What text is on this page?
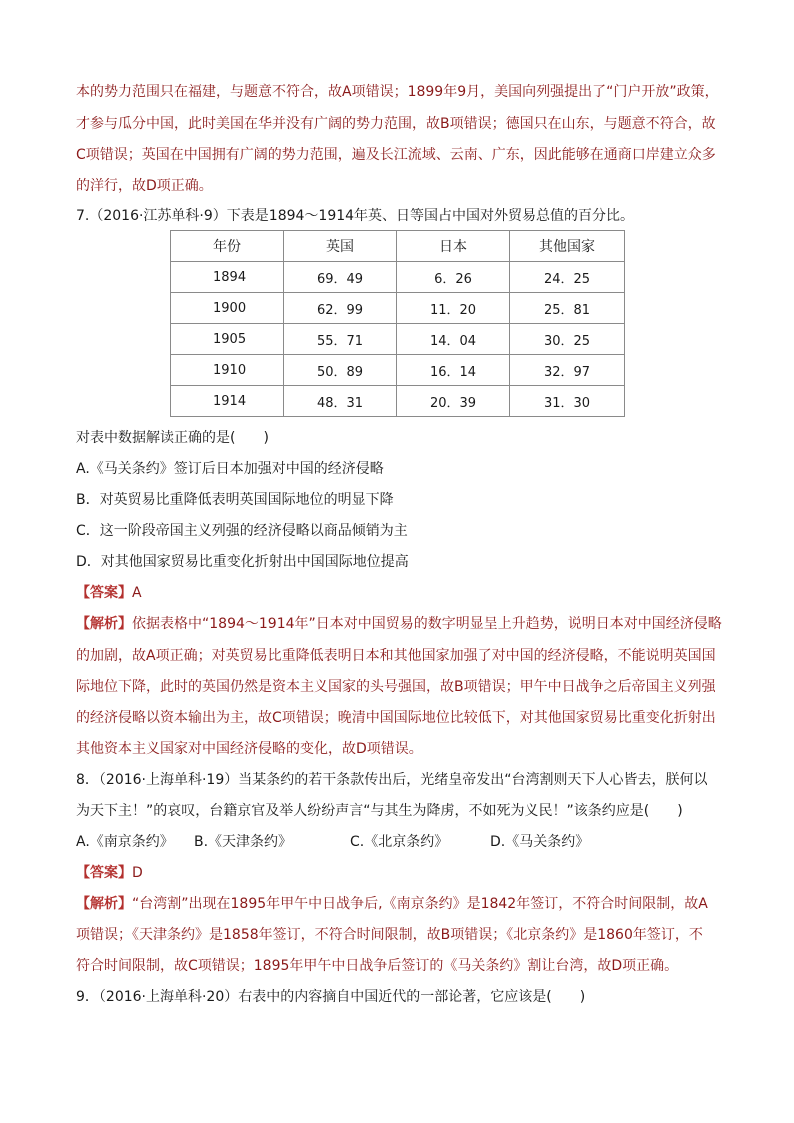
本的势力范围只在福建，与题意不符合，故A项错误；1899年9月，美国向列强提出了“门户开放”政策，
才参与瓜分中国，此时美国在华并没有广阔的势力范围，故B项错误；德国只在山东，与题意不符合，故
C项错误；英国在中国拥有广阔的势力范围，遍及长江流域、云南、广东，因此能够在通商口岸建立众多
的洋行，故D项正确。
7.（2016·江苏单科·9）下表是1894～1914年英、日等国占中国对外贸易总值的百分比。
年份	英国	日本	其他国家
1894	69．49	6．26	24．25
1900	62．99	11．20	25．81
1905	55．71	14．04	30．25
1910	50．89	16．14	32．97
1914	48．31	20．39	31．30
对表中数据解读正确的是(　　)
A.《马关条约》签订后日本加强对中国的经济侵略
B．对英贸易比重降低表明英国国际地位的明显下降
C．这一阶段帝国主义列强的经济侵略以商品倾销为主
D．对其他国家贸易比重变化折射出中国国际地位提高
【答案】A
【解析】依据表格中“1894～1914年”日本对中国贸易的数字明显呈上升趋势，说明日本对中国经济侵略
的加剧，故A项正确；对英贸易比重降低表明日本和其他国家加强了对中国的经济侵略，不能说明英国国
际地位下降，此时的英国仍然是资本主义国家的头号强国，故B项错误；甲午中日战争之后帝国主义列强
的经济侵略以资本输出为主，故C项错误；晚清中国国际地位比较低下，对其他国家贸易比重变化折射出
其他资本主义国家对中国经济侵略的变化，故D项错误。
8．（2016·上海单科·19）当某条约的若干条款传出后，光绪皇帝发出“台湾割则天下人心皆去，朕何以
为天下主！”的哀叹，台籍京官及举人纷纷声言“与其生为降虏，不如死为义民！”该条约应是(　　)
A.《南京条约》 B.《天津条约》	C.《北京条约》	D.《马关条约》
【答案】D
【解析】“台湾割”出现在1895年甲午中日战争后,《南京条约》是1842年签订，不符合时间限制，故A
项错误；《天津条约》是1858年签订，不符合时间限制，故B项错误；《北京条约》是1860年签订，不
符合时间限制，故C项错误；1895年甲午中日战争后签订的《马关条约》割让台湾，故D项正确。
9．（2016·上海单科·20）右表中的内容摘自中国近代的一部论著，它应该是(　　)
